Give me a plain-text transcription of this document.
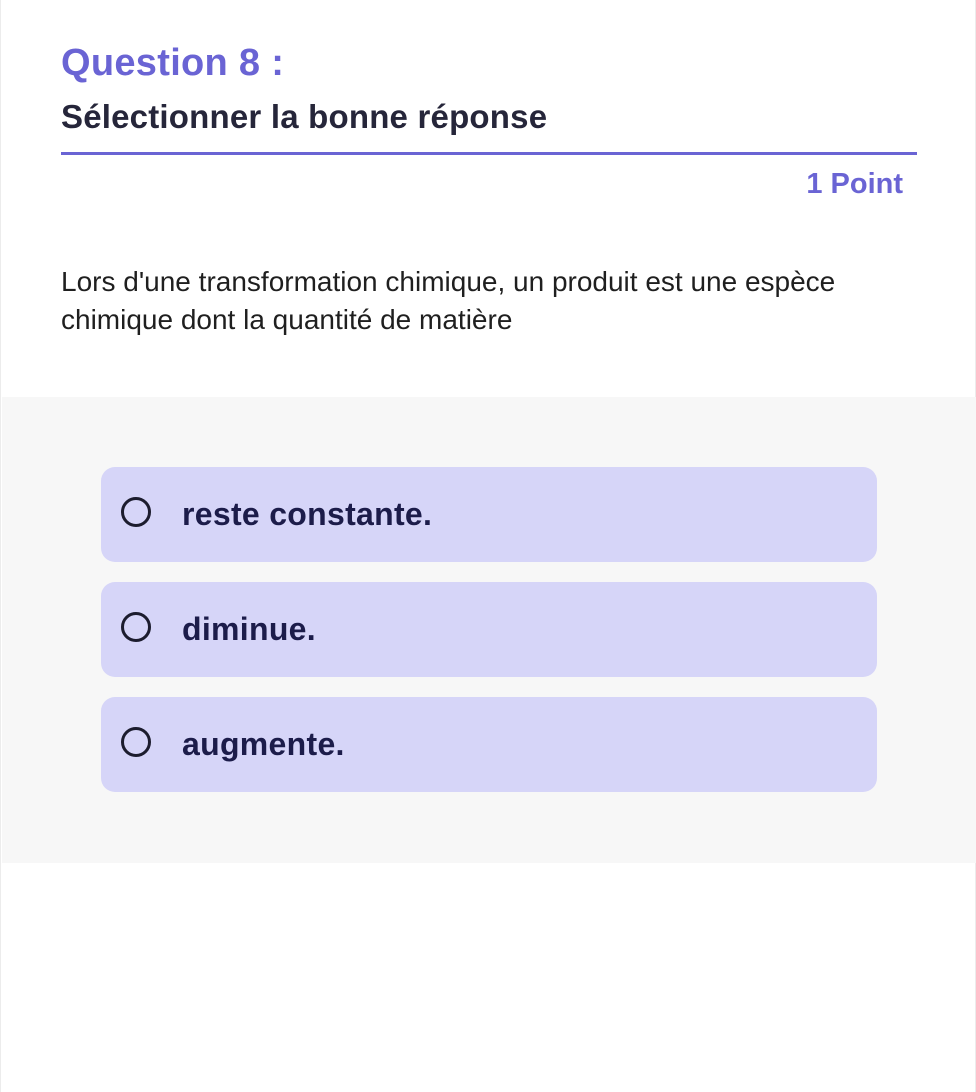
Question 8 :
Sélectionner la bonne réponse
1 Point
Lors d'une transformation chimique, un produit est une espèce chimique dont la quantité de matière
reste constante.
diminue.
augmente.
